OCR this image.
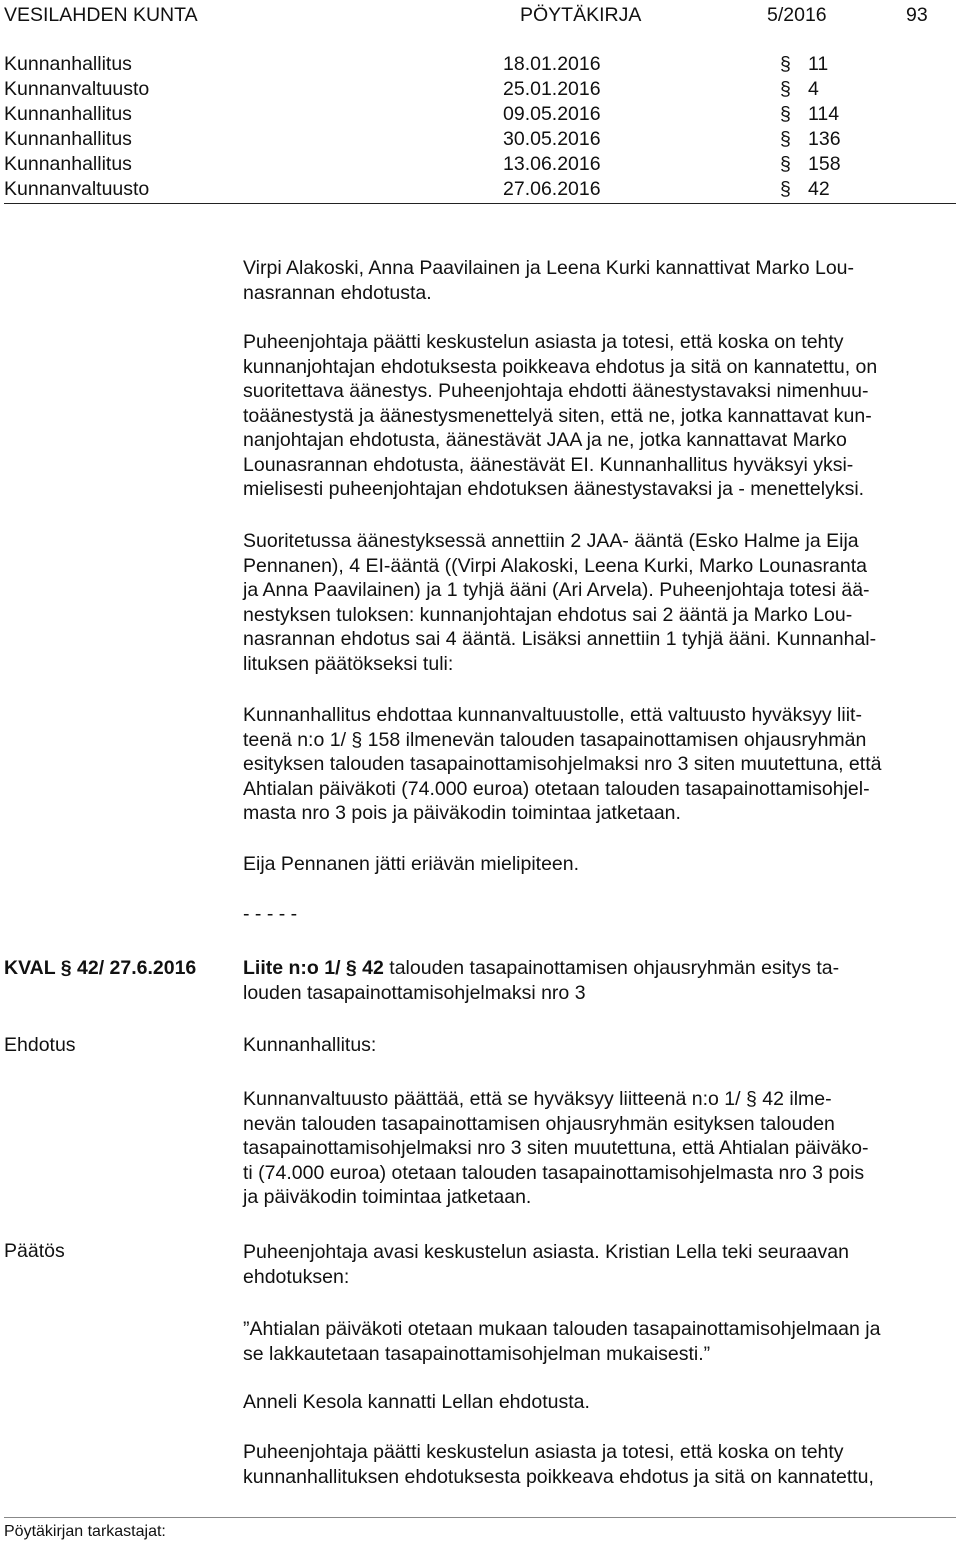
VESILAHDEN KUNTA	PÖYTÄKIRJA	5/2016	93
Kunnanhallitus	18.01.2016	§ 11
Kunnanvaltuusto	25.01.2016	§ 4
Kunnanhallitus	09.05.2016	§ 114
Kunnanhallitus	30.05.2016	§ 136
Kunnanhallitus	13.06.2016	§ 158
Kunnanvaltuusto	27.06.2016	§ 42
Virpi Alakoski, Anna Paavilainen ja Leena Kurki kannattivat Marko Lou-
nasrannan ehdotusta.
Puheenjohtaja päätti keskustelun asiasta ja totesi, että koska on tehty
kunnanjohtajan ehdotuksesta poikkeava ehdotus ja sitä on kannatettu, on
suoritettava äänestys. Puheenjohtaja ehdotti äänestystavaksi nimenhuu-
toäänestystä ja äänestysmenettelyä siten, että ne, jotka kannattavat kun-
nanjohtajan ehdotusta, äänestävät JAA ja ne, jotka kannattavat Marko
Lounasrannan ehdotusta, äänestävät EI. Kunnanhallitus hyväksyi yksi-
mielisesti puheenjohtajan ehdotuksen äänestystavaksi ja - menettelyksi.
Suoritetussa äänestyksessä annettiin 2 JAA- ääntä (Esko Halme ja Eija
Pennanen), 4 EI-ääntä ((Virpi Alakoski, Leena Kurki, Marko Lounasranta
ja Anna Paavilainen) ja 1 tyhjä ääni (Ari Arvela). Puheenjohtaja totesi ää-
nestyksen tuloksen: kunnanjohtajan ehdotus sai 2 ääntä ja Marko Lou-
nasrannan ehdotus sai 4 ääntä. Lisäksi annettiin 1 tyhjä ääni. Kunnanhal-
lituksen päätökseksi tuli:
Kunnanhallitus ehdottaa kunnanvaltuustolle, että valtuusto hyväksyy liit-
teenä n:o 1/ § 158 ilmenevän talouden tasapainottamisen ohjausryhmän
esityksen talouden tasapainottamisohjelmaksi nro 3 siten muutettuna, että
Ahtialan päiväkoti (74.000 euroa) otetaan talouden tasapainottamisohjel-
masta nro 3 pois ja päiväkodin toimintaa jatketaan.
Eija Pennanen jätti eriävän mielipiteen.
- - - - -
KVAL § 42/ 27.6.2016 Liite n:o 1/ § 42 talouden tasapainottamisen ohjausryhmän esitys ta-
louden tasapainottamisohjelmaksi nro 3
Ehdotus	Kunnanhallitus:
Kunnanvaltuusto päättää, että se hyväksyy liitteenä n:o 1/ § 42 ilme-
nevän talouden tasapainottamisen ohjausryhmän esityksen talouden
tasapainottamisohjelmaksi nro 3 siten muutettuna, että Ahtialan päiväko-
ti (74.000 euroa) otetaan talouden tasapainottamisohjelmasta nro 3 pois
ja päiväkodin toimintaa jatketaan.
Päätös	Puheenjohtaja avasi keskustelun asiasta. Kristian Lella teki seuraavan
ehdotuksen:
”Ahtialan päiväkoti otetaan mukaan talouden tasapainottamisohjelmaan ja
se lakkautetaan tasapainottamisohjelman mukaisesti.”
Anneli Kesola kannatti Lellan ehdotusta.
Puheenjohtaja päätti keskustelun asiasta ja totesi, että koska on tehty
kunnanhallituksen ehdotuksesta poikkeava ehdotus ja sitä on kannatettu,
Pöytäkirjan tarkastajat:
